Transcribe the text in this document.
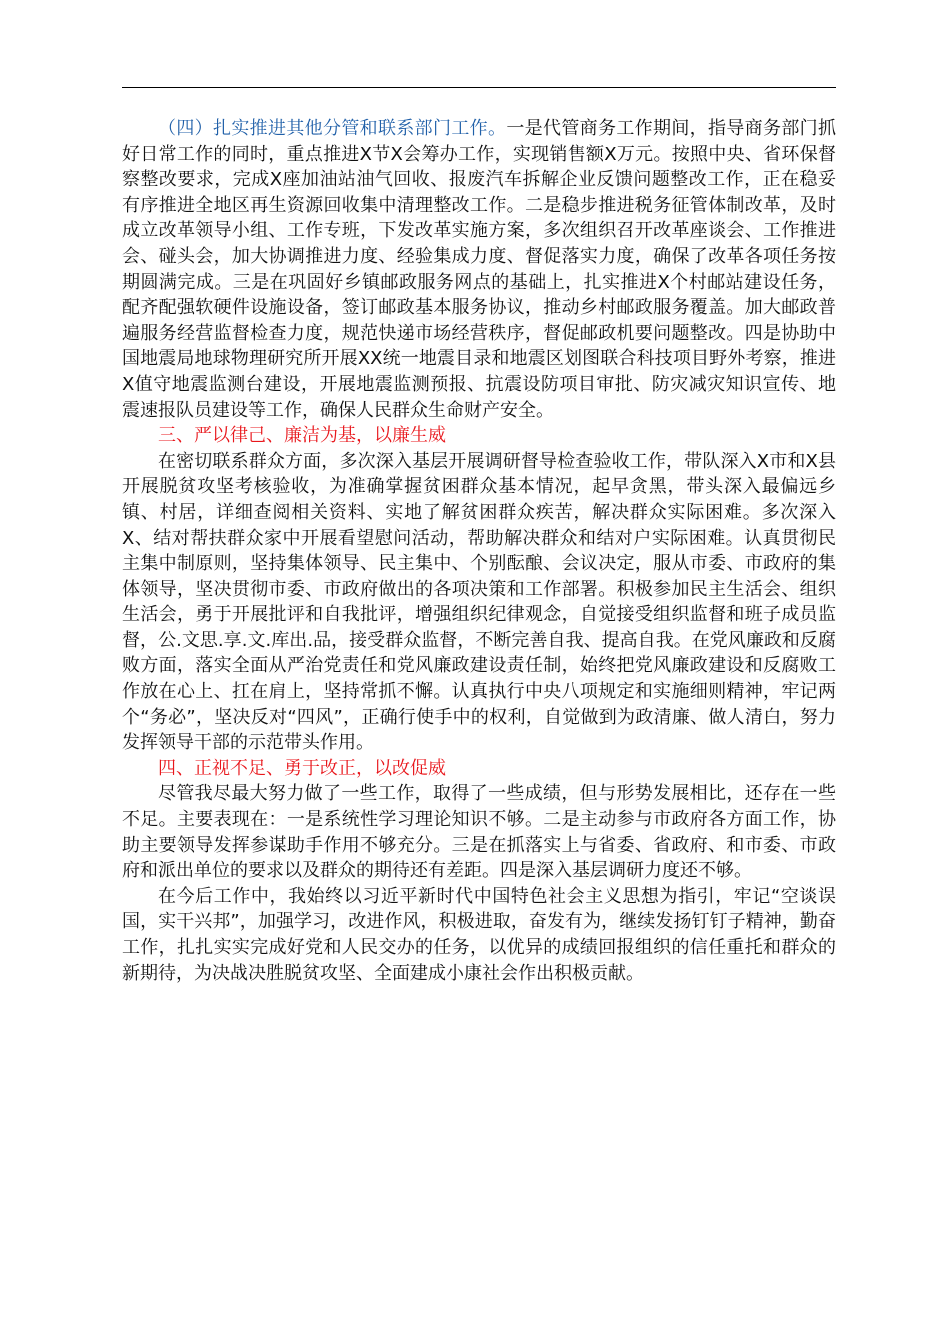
（四）扎实推进其他分管和联系部门工作。一是代管商务工作期间，指导商务部门抓好日常工作的同时，重点推进X节X会筹办工作，实现销售额X万元。按照中央、省环保督察整改要求，完成X座加油站油气回收、报废汽车拆解企业反馈问题整改工作，正在稳妥有序推进全地区再生资源回收集中清理整改工作。二是稳步推进税务征管体制改革，及时成立改革领导小组、工作专班，下发改革实施方案，多次组织召开改革座谈会、工作推进会、碰头会，加大协调推进力度、经验集成力度、督促落实力度，确保了改革各项任务按期圆满完成。三是在巩固好乡镇邮政服务网点的基础上，扎实推进X个村邮站建设任务，配齐配强软硬件设施设备，签订邮政基本服务协议，推动乡村邮政服务覆盖。加大邮政普遍服务经营监督检查力度，规范快递市场经营秩序，督促邮政机要问题整改。四是协助中国地震局地球物理研究所开展XX统一地震目录和地震区划图联合科技项目野外考察，推进X值守地震监测台建设，开展地震监测预报、抗震设防项目审批、防灾减灾知识宣传、地震速报队员建设等工作，确保人民群众生命财产安全。

三、严以律己、廉洁为基，以廉生威

在密切联系群众方面，多次深入基层开展调研督导检查验收工作，带队深入X市和X县开展脱贫攻坚考核验收，为准确掌握贫困群众基本情况，起早贪黑，带头深入最偏远乡镇、村居，详细查阅相关资料、实地了解贫困群众疾苦，解决群众实际困难。多次深入X、结对帮扶群众家中开展看望慰问活动，帮助解决群众和结对户实际困难。认真贯彻民主集中制原则，坚持集体领导、民主集中、个别酝酿、会议决定，服从市委、市政府的集体领导，坚决贯彻市委、市政府做出的各项决策和工作部署。积极参加民主生活会、组织生活会，勇于开展批评和自我批评，增强组织纪律观念，自觉接受组织监督和班子成员监督，公.文思.享.文.库出.品，接受群众监督，不断完善自我、提高自我。在党风廉政和反腐败方面，落实全面从严治党责任和党风廉政建设责任制，始终把党风廉政建设和反腐败工作放在心上、扛在肩上，坚持常抓不懈。认真执行中央八项规定和实施细则精神，牢记两个“务必”，坚决反对“四风”，正确行使手中的权利，自觉做到为政清廉、做人清白，努力发挥领导干部的示范带头作用。

四、正视不足、勇于改正，以改促威

尽管我尽最大努力做了一些工作，取得了一些成绩，但与形势发展相比，还存在一些不足。主要表现在：一是系统性学习理论知识不够。二是主动参与市政府各方面工作，协助主要领导发挥参谋助手作用不够充分。三是在抓落实上与省委、省政府、和市委、市政府和派出单位的要求以及群众的期待还有差距。四是深入基层调研力度还不够。

在今后工作中，我始终以习近平新时代中国特色社会主义思想为指引，牢记“空谈误国，实干兴邦”，加强学习，改进作风，积极进取，奋发有为，继续发扬钉钉子精神，勤奋工作，扎扎实实完成好党和人民交办的任务，以优异的成绩回报组织的信任重托和群众的新期待，为决战决胜脱贫攻坚、全面建成小康社会作出积极贡献。
